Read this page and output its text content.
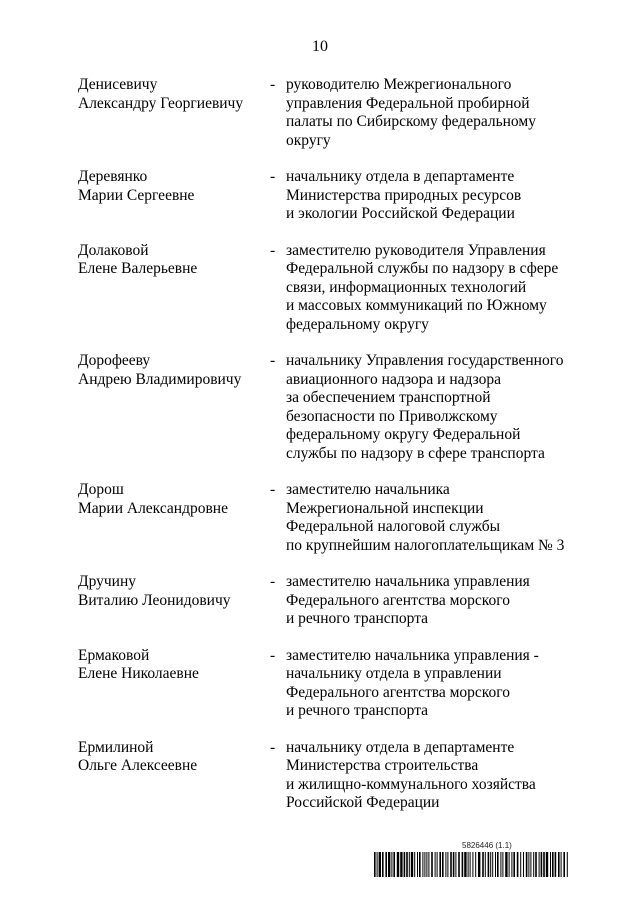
10
Денисевичу
Александру Георгиевичу
- руководителю Межрегионального
управления Федеральной пробирной
палаты по Сибирскому федеральному
округу
Деревянко
Марии Сергеевне
- начальнику отдела в департаменте
Министерства природных ресурсов
и экологии Российской Федерации
Долаковой
Елене Валерьевне
- заместителю руководителя Управления
Федеральной службы по надзору в сфере
связи, информационных технологий
и массовых коммуникаций по Южному
федеральному округу
Дорофееву
Андрею Владимировичу
- начальнику Управления государственного
авиационного надзора и надзора
за обеспечением транспортной
безопасности по Приволжскому
федеральному округу Федеральной
службы по надзору в сфере транспорта
Дорош
Марии Александровне
- заместителю начальника
Межрегиональной инспекции
Федеральной налоговой службы
по крупнейшим налогоплательщикам № 3
Дручину
Виталию Леонидовичу
- заместителю начальника управления
Федерального агентства морского
и речного транспорта
Ермаковой
Елене Николаевне
- заместителю начальника управления -
начальнику отдела в управлении
Федерального агентства морского
и речного транспорта
Ермилиной
Ольге Алексеевне
- начальнику отдела в департаменте
Министерства строительства
и жилищно-коммунального хозяйства
Российской Федерации
5826446 (1.1)
